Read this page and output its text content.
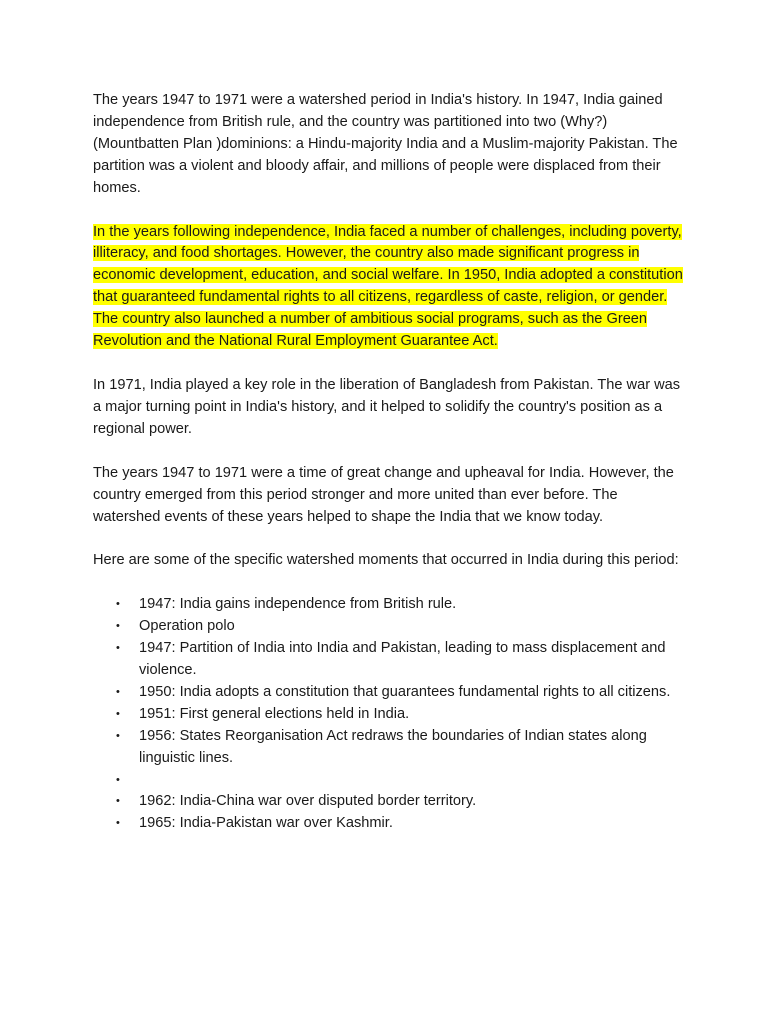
The years 1947 to 1971 were a watershed period in India's history. In 1947, India gained independence from British rule, and the country was partitioned into two (Why?) (Mountbatten Plan )dominions: a Hindu-majority India and a Muslim-majority Pakistan. The partition was a violent and bloody affair, and millions of people were displaced from their homes.

In the years following independence, India faced a number of challenges, including poverty, illiteracy, and food shortages. However, the country also made significant progress in economic development, education, and social welfare. In 1950, India adopted a constitution that guaranteed fundamental rights to all citizens, regardless of caste, religion, or gender. The country also launched a number of ambitious social programs, such as the Green Revolution and the National Rural Employment Guarantee Act.

In 1971, India played a key role in the liberation of Bangladesh from Pakistan. The war was a major turning point in India's history, and it helped to solidify the country's position as a regional power.

The years 1947 to 1971 were a time of great change and upheaval for India. However, the country emerged from this period stronger and more united than ever before. The watershed events of these years helped to shape the India that we know today.

Here are some of the specific watershed moments that occurred in India during this period:

• 1947: India gains independence from British rule.
• Operation polo
• 1947: Partition of India into India and Pakistan, leading to mass displacement and violence.
• 1950: India adopts a constitution that guarantees fundamental rights to all citizens.
• 1951: First general elections held in India.
• 1956: States Reorganisation Act redraws the boundaries of Indian states along linguistic lines.
•
• 1962: India-China war over disputed border territory.
• 1965: India-Pakistan war over Kashmir.
